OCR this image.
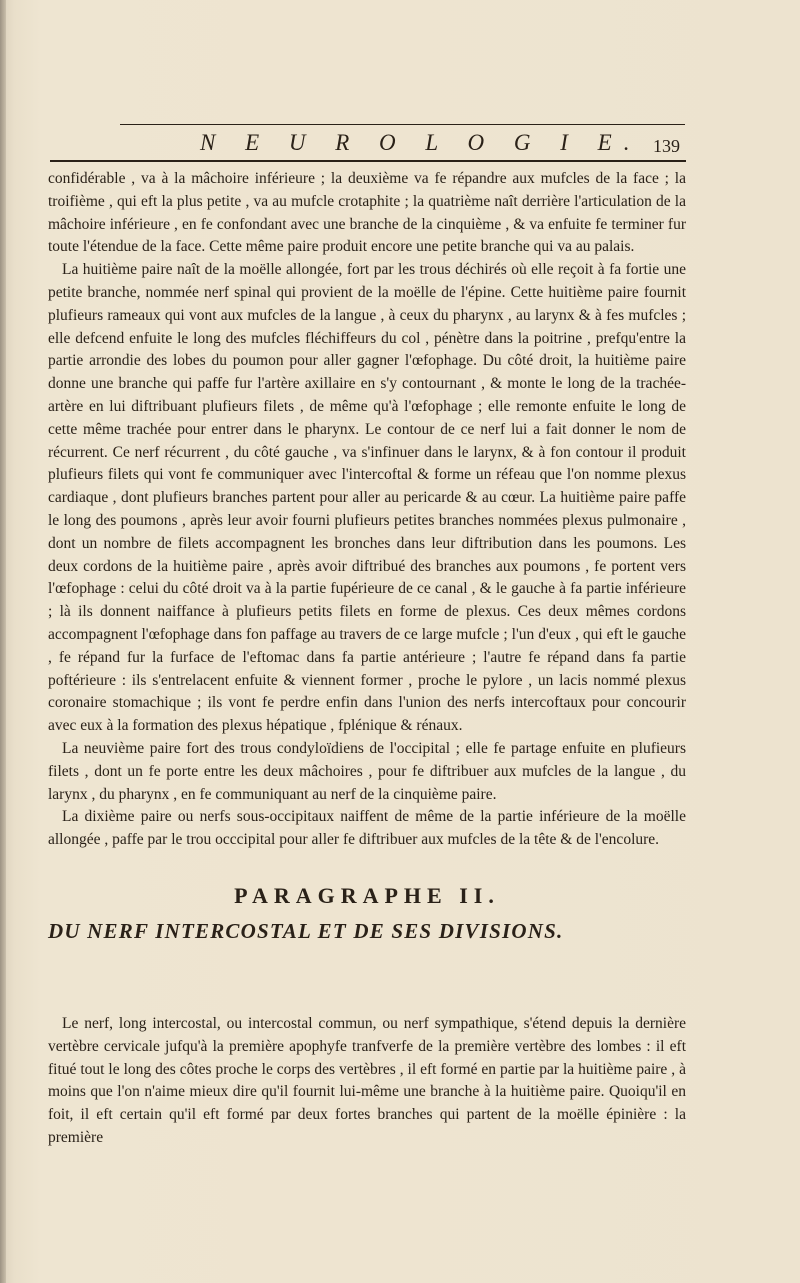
N E U R O L O G I E. 139

confidérable , va à la mâchoire inférieure ; la deuxième va fe répandre aux mufcles de la face ; la troifième , qui eft la plus petite , va au mufcle crotaphite ; la quatrième naît derrière l'articulation de la mâchoire inférieure , en fe confondant avec une branche de la cinquième , & va enfuite fe terminer fur toute l'étendue de la face. Cette même paire produit encore une petite branche qui va au palais.

La huitième paire naît de la moëlle allongée, fort par les trous déchirés où elle reçoit à fa fortie une petite branche, nommée nerf spinal qui provient de la moëlle de l'épine. Cette huitième paire fournit plufieurs rameaux qui vont aux mufcles de la langue , à ceux du pharynx , au larynx & à fes mufcles ; elle defcend enfuite le long des mufcles fléchiffeurs du col , pénètre dans la poitrine , prefqu'entre la partie arrondie des lobes du poumon pour aller gagner l'œfophage. Du côté droit, la huitième paire donne une branche qui paffe fur l'artère axillaire en s'y contournant , & monte le long de la trachée-artère en lui diftribuant plufieurs filets , de même qu'à l'œfophage ; elle remonte enfuite le long de cette même trachée pour entrer dans le pharynx. Le contour de ce nerf lui a fait donner le nom de récurrent. Ce nerf récurrent , du côté gauche , va s'infinuer dans le larynx, & à fon contour il produit plufieurs filets qui vont fe communiquer avec l'intercoftal & forme un réfeau que l'on nomme plexus cardiaque , dont plufieurs branches partent pour aller au pericarde & au cœur. La huitième paire paffe le long des poumons , après leur avoir fourni plufieurs petites branches nommées plexus pulmonaire , dont un nombre de filets accompagnent les bronches dans leur diftribution dans les poumons. Les deux cordons de la huitième paire , après avoir diftribué des branches aux poumons , fe portent vers l'œfophage : celui du côté droit va à la partie fupérieure de ce canal , & le gauche à fa partie inférieure ; là ils donnent naiffance à plufieurs petits filets en forme de plexus. Ces deux mêmes cordons accompagnent l'œfophage dans fon paffage au travers de ce large mufcle ; l'un d'eux , qui eft le gauche , fe répand fur la furface de l'eftomac dans fa partie antérieure ; l'autre fe répand dans fa partie poftérieure : ils s'entrelacent enfuite & viennent former , proche le pylore , un lacis nommé plexus coronaire stomachique ; ils vont fe perdre enfin dans l'union des nerfs intercoftaux pour concourir avec eux à la formation des plexus hépatique , fplénique & rénaux.

La neuvième paire fort des trous condyloïdiens de l'occipital ; elle fe partage enfuite en plufieurs filets , dont un fe porte entre les deux mâchoires , pour fe diftribuer aux mufcles de la langue , du larynx , du pharynx , en fe communiquant au nerf de la cinquième paire.

La dixième paire ou nerfs sous-occipitaux naiffent de même de la partie inférieure de la moëlle allongée , paffe par le trou occcipital pour aller fe diftribuer aux mufcles de la tête & de l'encolure.

PARAGRAPHE II.
DU NERF INTERCOSTAL ET DE SES DIVISIONS.

Le nerf, long intercostal, ou intercostal commun, ou nerf sympathique, s'étend depuis la dernière vertèbre cervicale jufqu'à la première apophyfe tranfverfe de la première vertèbre des lombes : il eft fitué tout le long des côtes proche le corps des vertèbres , il eft formé en partie par la huitième paire , à moins que l'on n'aime mieux dire qu'il fournit lui-même une branche à la huitième paire. Quoiqu'il en foit, il eft certain qu'il eft formé par deux fortes branches qui partent de la moëlle épinière : la première
